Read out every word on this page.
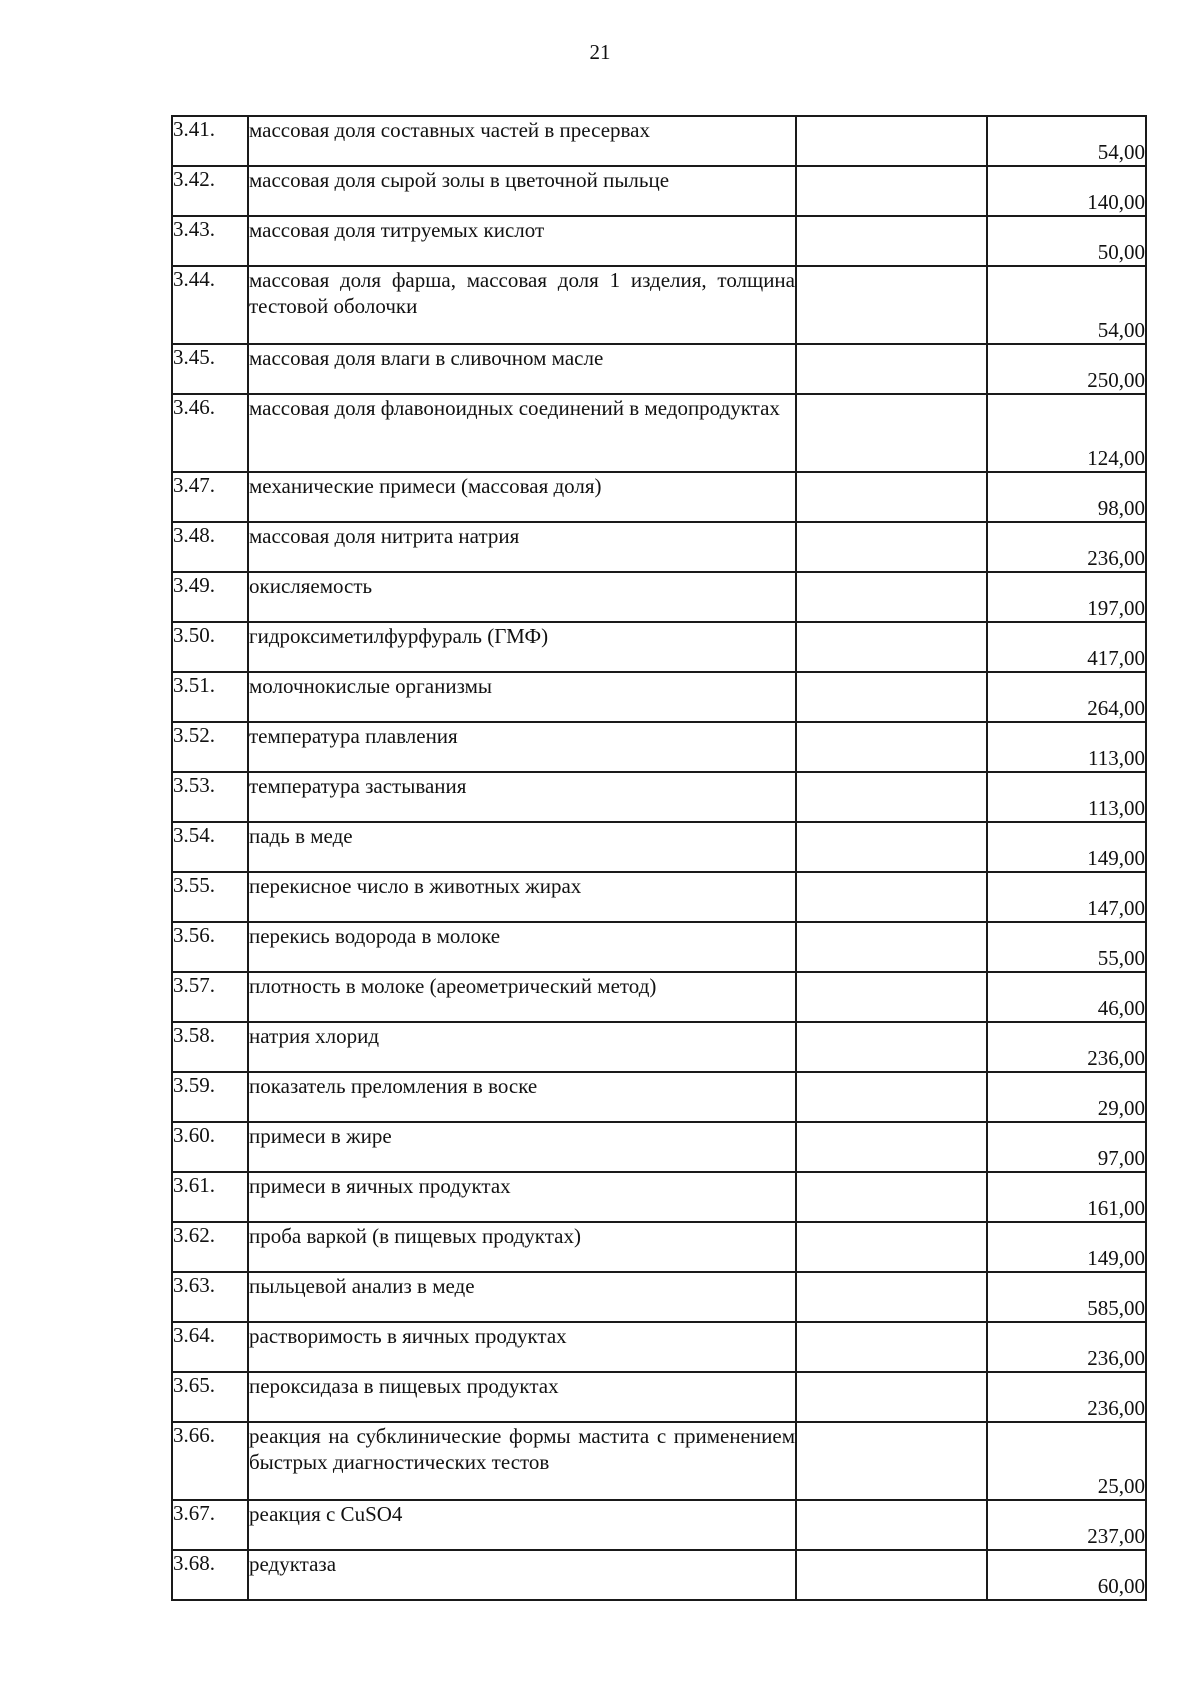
21
3.41.	массовая доля составных частей в пресервах		54,00
3.42.	массовая доля сырой золы в цветочной пыльце		140,00
3.43.	массовая доля титруемых кислот		50,00
3.44.	массовая доля фарша, массовая доля 1 изделия, толщина тестовой оболочки		54,00
3.45.	массовая доля влаги в сливочном масле		250,00
3.46.	массовая доля флавоноидных соединений в медопродуктах		124,00
3.47.	механические примеси (массовая доля)		98,00
3.48.	массовая доля нитрита натрия		236,00
3.49.	окисляемость		197,00
3.50.	гидроксиметилфурфураль (ГМФ)		417,00
3.51.	молочнокислые организмы		264,00
3.52.	температура плавления		113,00
3.53.	температура застывания		113,00
3.54.	падь в меде		149,00
3.55.	перекисное число в животных жирах		147,00
3.56.	перекись водорода в молоке		55,00
3.57.	плотность в молоке (ареометрический метод)		46,00
3.58.	натрия хлорид		236,00
3.59.	показатель преломления в воске		29,00
3.60.	примеси в жире		97,00
3.61.	примеси в яичных продуктах		161,00
3.62.	проба варкой (в пищевых продуктах)		149,00
3.63.	пыльцевой анализ в меде		585,00
3.64.	растворимость в яичных продуктах		236,00
3.65.	пероксидаза в пищевых продуктах		236,00
3.66.	реакция на субклинические формы мастита с применением быстрых диагностических тестов		25,00
3.67.	реакция с CuSO4		237,00
3.68.	редуктаза		60,00
